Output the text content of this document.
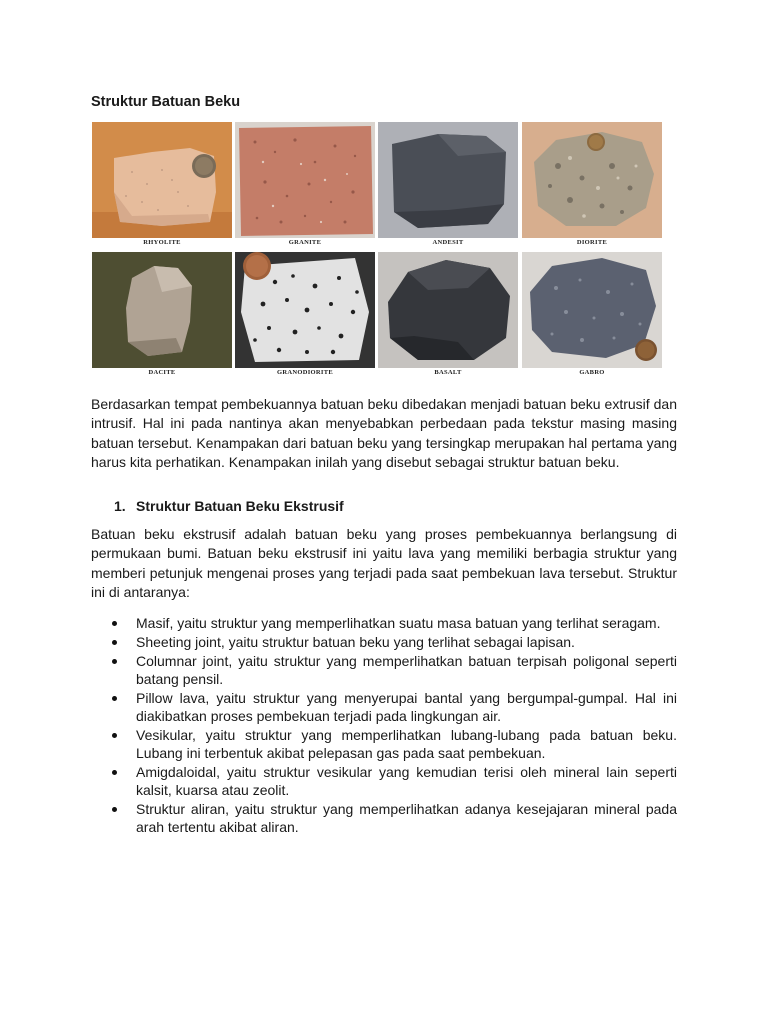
Struktur Batuan Beku
RHYOLITE	GRANITE	ANDESIT	DIORITE
DACITE	GRANODIORITE	BASALT	GABRO

Berdasarkan tempat pembekuannya batuan beku dibedakan menjadi batuan beku extrusif dan intrusif. Hal ini pada nantinya akan menyebabkan perbedaan pada tekstur masing masing batuan tersebut. Kenampakan dari batuan beku yang tersingkap merupakan hal pertama yang harus kita perhatikan. Kenampakan inilah yang disebut sebagai struktur batuan beku.

1. Struktur Batuan Beku Ekstrusif

Batuan beku ekstrusif adalah batuan beku yang proses pembekuannya berlangsung di permukaan bumi. Batuan beku ekstrusif ini yaitu lava yang memiliki berbagia struktur yang memberi petunjuk mengenai proses yang terjadi pada saat pembekuan lava tersebut. Struktur ini di antaranya:

Masif, yaitu struktur yang memperlihatkan suatu masa batuan yang terlihat seragam.
Sheeting joint, yaitu struktur batuan beku yang terlihat sebagai lapisan.
Columnar joint, yaitu struktur yang memperlihatkan batuan terpisah poligonal seperti batang pensil.
Pillow lava, yaitu struktur yang menyerupai bantal yang bergumpal-gumpal. Hal ini diakibatkan proses pembekuan terjadi pada lingkungan air.
Vesikular, yaitu struktur yang memperlihatkan lubang-lubang pada batuan beku. Lubang ini terbentuk akibat pelepasan gas pada saat pembekuan.
Amigdaloidal, yaitu struktur vesikular yang kemudian terisi oleh mineral lain seperti kalsit, kuarsa atau zeolit.
Struktur aliran, yaitu struktur yang memperlihatkan adanya kesejajaran mineral pada arah tertentu akibat aliran.
